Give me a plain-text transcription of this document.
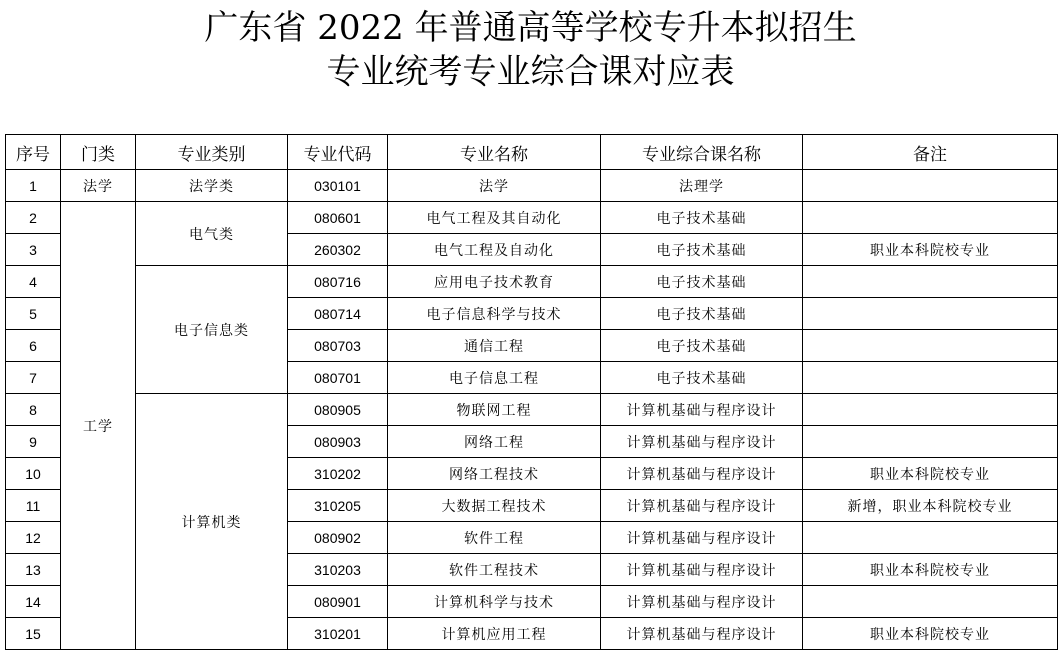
广东省 2022 年普通高等学校专升本拟招生
专业统考专业综合课对应表
序号	门类	专业类别	专业代码	专业名称	专业综合课名称	备注
1	法学	法学类	030101	法学	法理学	
2	工学	电气类	080601	电气工程及其自动化	电子技术基础	
3			260302	电气工程及自动化	电子技术基础	职业本科院校专业
4		电子信息类	080716	应用电子技术教育	电子技术基础	
5			080714	电子信息科学与技术	电子技术基础	
6			080703	通信工程	电子技术基础	
7			080701	电子信息工程	电子技术基础	
8		计算机类	080905	物联网工程	计算机基础与程序设计	
9			080903	网络工程	计算机基础与程序设计	
10			310202	网络工程技术	计算机基础与程序设计	职业本科院校专业
11			310205	大数据工程技术	计算机基础与程序设计	新增，职业本科院校专业
12			080902	软件工程	计算机基础与程序设计	
13			310203	软件工程技术	计算机基础与程序设计	职业本科院校专业
14			080901	计算机科学与技术	计算机基础与程序设计	
15			310201	计算机应用工程	计算机基础与程序设计	职业本科院校专业
